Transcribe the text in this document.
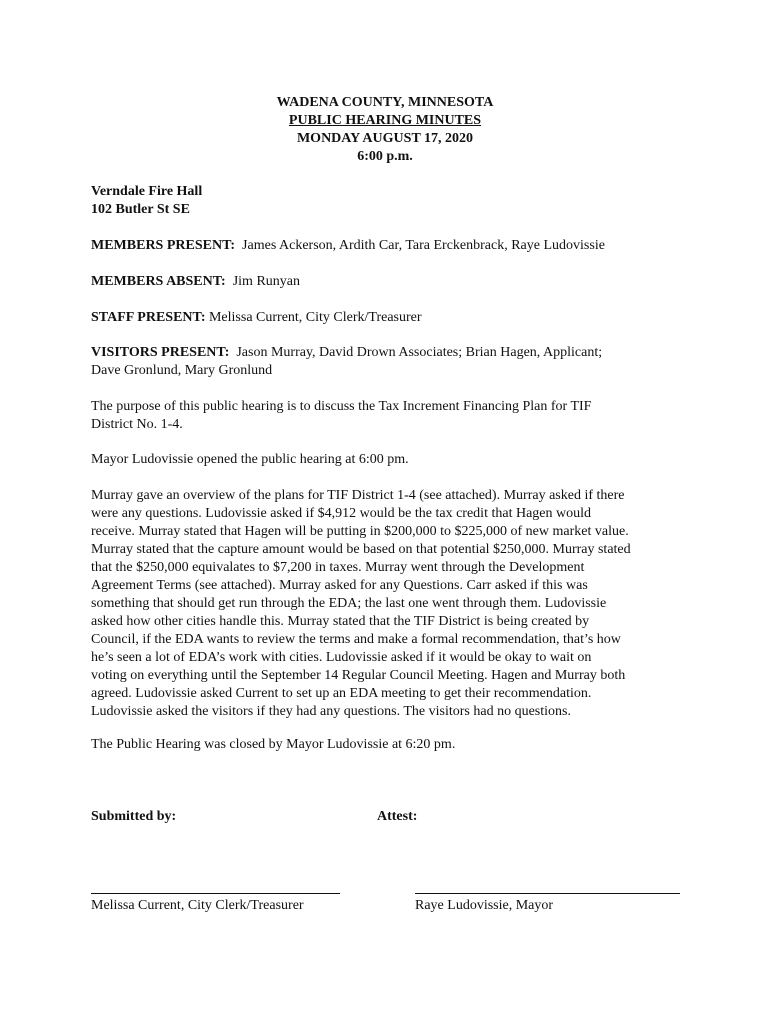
WADENA COUNTY, MINNESOTA
PUBLIC HEARING MINUTES
MONDAY AUGUST 17, 2020
6:00 p.m.
Verndale Fire Hall
102 Butler St SE
MEMBERS PRESENT: James Ackerson, Ardith Car, Tara Erckenbrack, Raye Ludovissie
MEMBERS ABSENT: Jim Runyan
STAFF PRESENT: Melissa Current, City Clerk/Treasurer
VISITORS PRESENT: Jason Murray, David Drown Associates; Brian Hagen, Applicant;
Dave Gronlund, Mary Gronlund
The purpose of this public hearing is to discuss the Tax Increment Financing Plan for TIF
District No. 1-4.
Mayor Ludovissie opened the public hearing at 6:00 pm.
Murray gave an overview of the plans for TIF District 1-4 (see attached). Murray asked if there
were any questions. Ludovissie asked if $4,912 would be the tax credit that Hagen would
receive. Murray stated that Hagen will be putting in $200,000 to $225,000 of new market value.
Murray stated that the capture amount would be based on that potential $250,000. Murray stated
that the $250,000 equivalates to $7,200 in taxes. Murray went through the Development
Agreement Terms (see attached). Murray asked for any Questions. Carr asked if this was
something that should get run through the EDA; the last one went through them. Ludovissie
asked how other cities handle this. Murray stated that the TIF District is being created by
Council, if the EDA wants to review the terms and make a formal recommendation, that’s how
he’s seen a lot of EDA’s work with cities. Ludovissie asked if it would be okay to wait on
voting on everything until the September 14 Regular Council Meeting. Hagen and Murray both
agreed. Ludovissie asked Current to set up an EDA meeting to get their recommendation.
Ludovissie asked the visitors if they had any questions. The visitors had no questions.
The Public Hearing was closed by Mayor Ludovissie at 6:20 pm.
Submitted by:	Attest:
Melissa Current, City Clerk/Treasurer	Raye Ludovissie, Mayor
